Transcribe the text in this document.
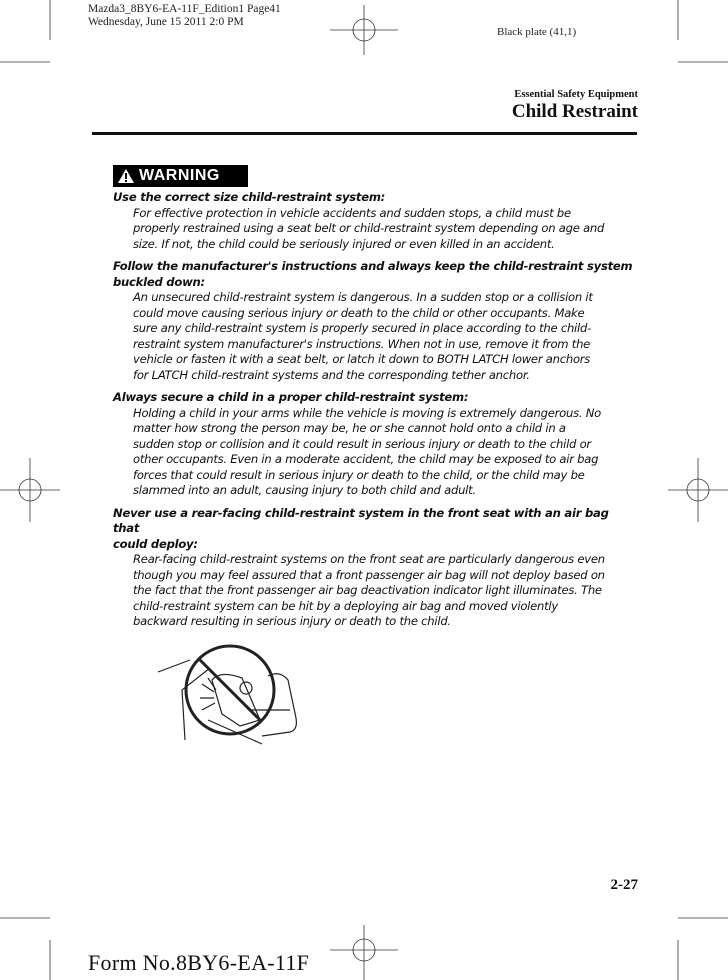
Mazda3_8BY6-EA-11F_Edition1 Page41
Wednesday, June 15 2011 2:0 PM
Black plate (41,1)
Essential Safety Equipment
Child Restraint
WARNING
Use the correct size child-restraint system:
For effective protection in vehicle accidents and sudden stops, a child must be
properly restrained using a seat belt or child-restraint system depending on age and
size. If not, the child could be seriously injured or even killed in an accident.
Follow the manufacturer's instructions and always keep the child-restraint system
buckled down:
An unsecured child-restraint system is dangerous. In a sudden stop or a collision it
could move causing serious injury or death to the child or other occupants. Make
sure any child-restraint system is properly secured in place according to the child-
restraint system manufacturer's instructions. When not in use, remove it from the
vehicle or fasten it with a seat belt, or latch it down to BOTH LATCH lower anchors
for LATCH child-restraint systems and the corresponding tether anchor.
Always secure a child in a proper child-restraint system:
Holding a child in your arms while the vehicle is moving is extremely dangerous. No
matter how strong the person may be, he or she cannot hold onto a child in a
sudden stop or collision and it could result in serious injury or death to the child or
other occupants. Even in a moderate accident, the child may be exposed to air bag
forces that could result in serious injury or death to the child, or the child may be
slammed into an adult, causing injury to both child and adult.
Never use a rear-facing child-restraint system in the front seat with an air bag that
could deploy:
Rear-facing child-restraint systems on the front seat are particularly dangerous even
though you may feel assured that a front passenger air bag will not deploy based on
the fact that the front passenger air bag deactivation indicator light illuminates. The
child-restraint system can be hit by a deploying air bag and moved violently
backward resulting in serious injury or death to the child.
2-27
Form No.8BY6-EA-11F
